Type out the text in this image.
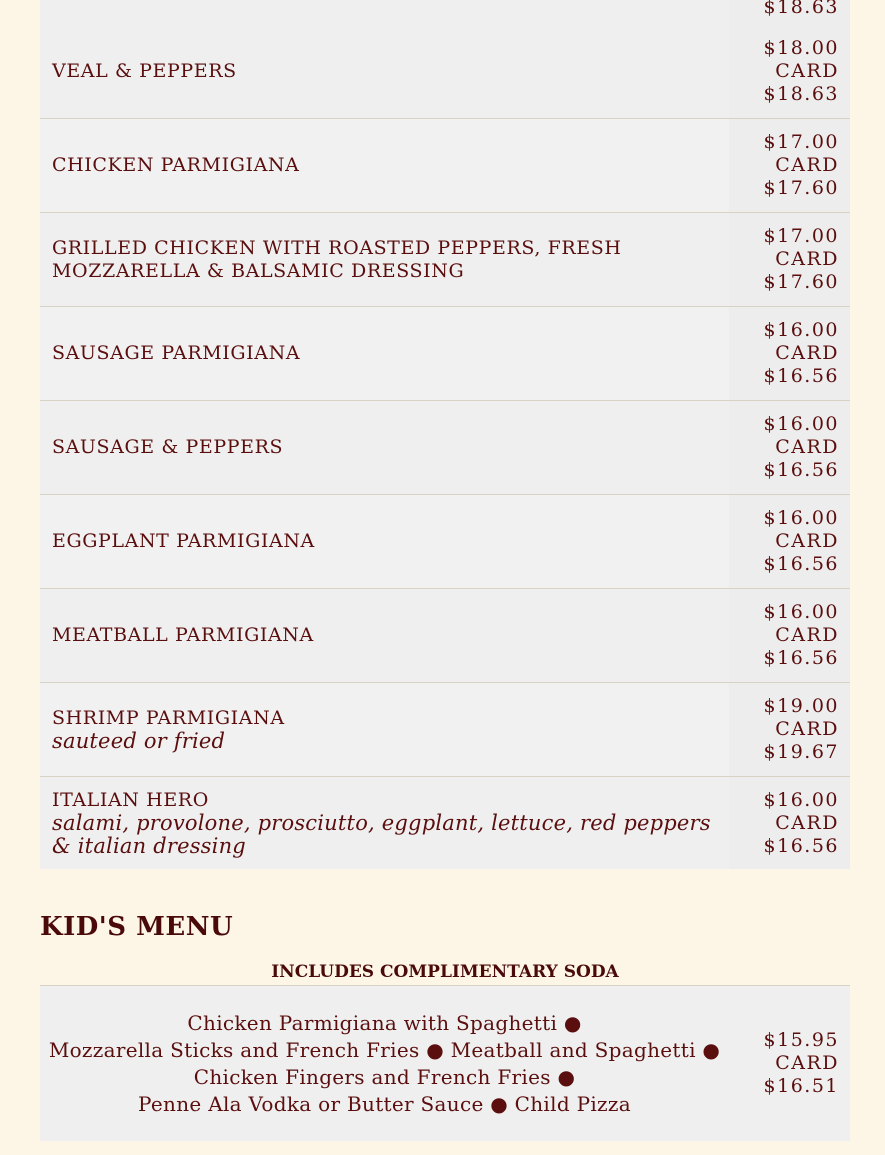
$18.63
VEAL & PEPPERS
$18.00
CARD
$18.63
CHICKEN PARMIGIANA
$17.00
CARD
$17.60
GRILLED CHICKEN WITH ROASTED PEPPERS, FRESH MOZZARELLA & BALSAMIC DRESSING
$17.00
CARD
$17.60
SAUSAGE PARMIGIANA
$16.00
CARD
$16.56
SAUSAGE & PEPPERS
$16.00
CARD
$16.56
EGGPLANT PARMIGIANA
$16.00
CARD
$16.56
MEATBALL PARMIGIANA
$16.00
CARD
$16.56
SHRIMP PARMIGIANA
sauteed or fried
$19.00
CARD
$19.67
ITALIAN HERO
salami, provolone, prosciutto, eggplant, lettuce, red peppers & italian dressing
$16.00
CARD
$16.56
KID'S MENU
INCLUDES COMPLIMENTARY SODA
Chicken Parmigiana with Spaghetti ●
Mozzarella Sticks and French Fries ● Meatball and Spaghetti ●
Chicken Fingers and French Fries ●
Penne Ala Vodka or Butter Sauce ● Child Pizza
$15.95
CARD
$16.51
